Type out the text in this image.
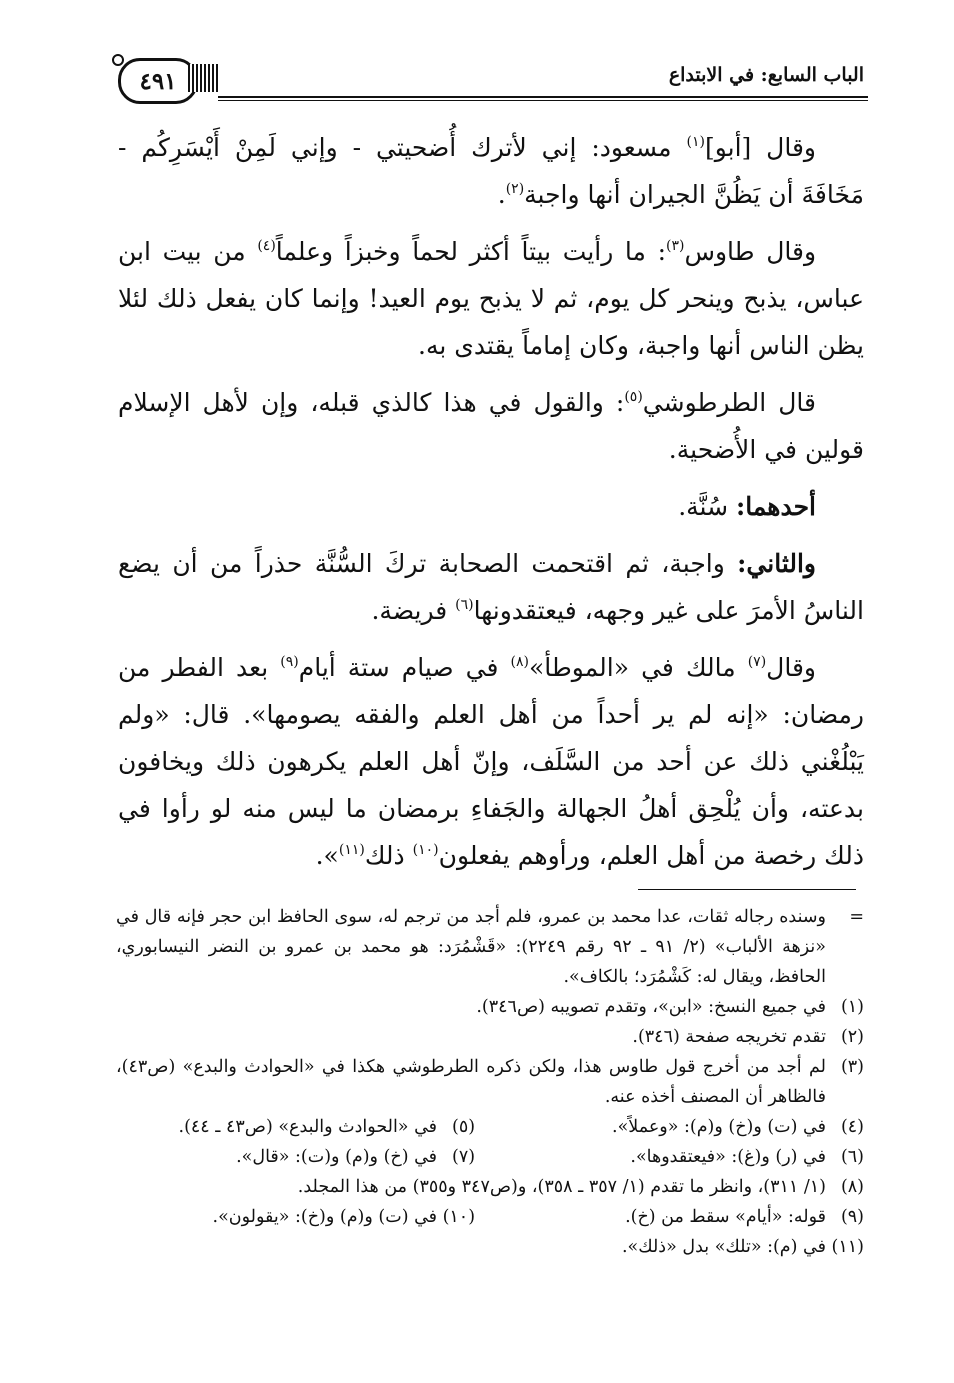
٤٩١	الباب السابع: في الابتداع

وقال [أبو]$^{(١)}$ مسعود: إني لأترك أُضحيتي - وإني لَمِنْ أَيْسَرِكُم - مَخَافَةَ أن يَظُنَّ الجيران أنها واجبة$^{(٢)}$.

وقال طاوس$^{(٣)}$: ما رأيت بيتاً أكثر لحماً وخبزاً وعلماً$^{(٤)}$ من بيت ابن عباس، يذبح وينحر كل يوم، ثم لا يذبح يوم العيد! وإنما كان يفعل ذلك لئلا يظن الناس أنها واجبة، وكان إماماً يقتدى به.

قال الطرطوشي$^{(٥)}$: والقول في هذا كالذي قبله، وإن لأهل الإسلام قولين في الأُضحية.

أحدهما: سُنَّة.

والثاني: واجبة، ثم اقتحمت الصحابة تركَ السُّنَّة حذراً من أن يضع الناسُ الأمرَ على غير وجهه، فيعتقدونها$^{(٦)}$ فريضة.

وقال$^{(٧)}$ مالك في «الموطأ»$^{(٨)}$ في صيام ستة أيام$^{(٩)}$ بعد الفطر من رمضان: «إنه لم ير أحداً من أهل العلم والفقه يصومها». قال: «ولم يَبْلُغْني ذلك عن أحد من السَّلَف، وإنّ أهل العلم يكرهون ذلك ويخافون بدعته، وأن يُلْحِق أهلُ الجهالة والجَفاءِ برمضان ما ليس منه لو رأوا في ذلك رخصة من أهل العلم، ورأوهم يفعلون$^{(١٠)}$ ذلك$^{(١١)}$».

=
وسنده رجاله ثقات، عدا محمد بن عمرو، فلم أجد من ترجم له، سوى الحافظ ابن حجر فإنه قال في «نزهة الألباب» (٢/ ٩١ ـ ٩٢ رقم ٢٢٤٩): «قَشْمُرَد: هو محمد بن عمرو بن النضر النيسابوري، الحافظ، ويقال له: كَشْمُرَد؛ بالكاف».
(١)
في جميع النسخ: «ابن»، وتقدم تصويبه (ص٣٤٦).
(٢)
تقدم تخريجه صفحة (٣٤٦).
(٣)
لم أجد من أخرج قول طاوس هذا، ولكن ذكره الطرطوشي هكذا في «الحوادث والبدع» (ص٤٣)، فالظاهر أن المصنف أخذه عنه.
(٤)
في (ت) و(خ) و(م): «وعملاً».
(٥)
في «الحوادث والبدع» (ص٤٣ ـ ٤٤).
(٦)
في (ر) و(غ): «فيعتقدوها».
(٧)
في (خ) و(م) و(ت): «قال».
(٨)
(١/ ٣١١)، وانظر ما تقدم (١/ ٣٥٧ ـ ٣٥٨)، و(ص٣٤٧ و٣٥٥) من هذا المجلد.
(٩)
قوله: «أيام» سقط من (خ).
(١٠)
في (ت) و(م) و(خ): «يقولون».
(١١)
في (م): «تلك» بدل «ذلك».
